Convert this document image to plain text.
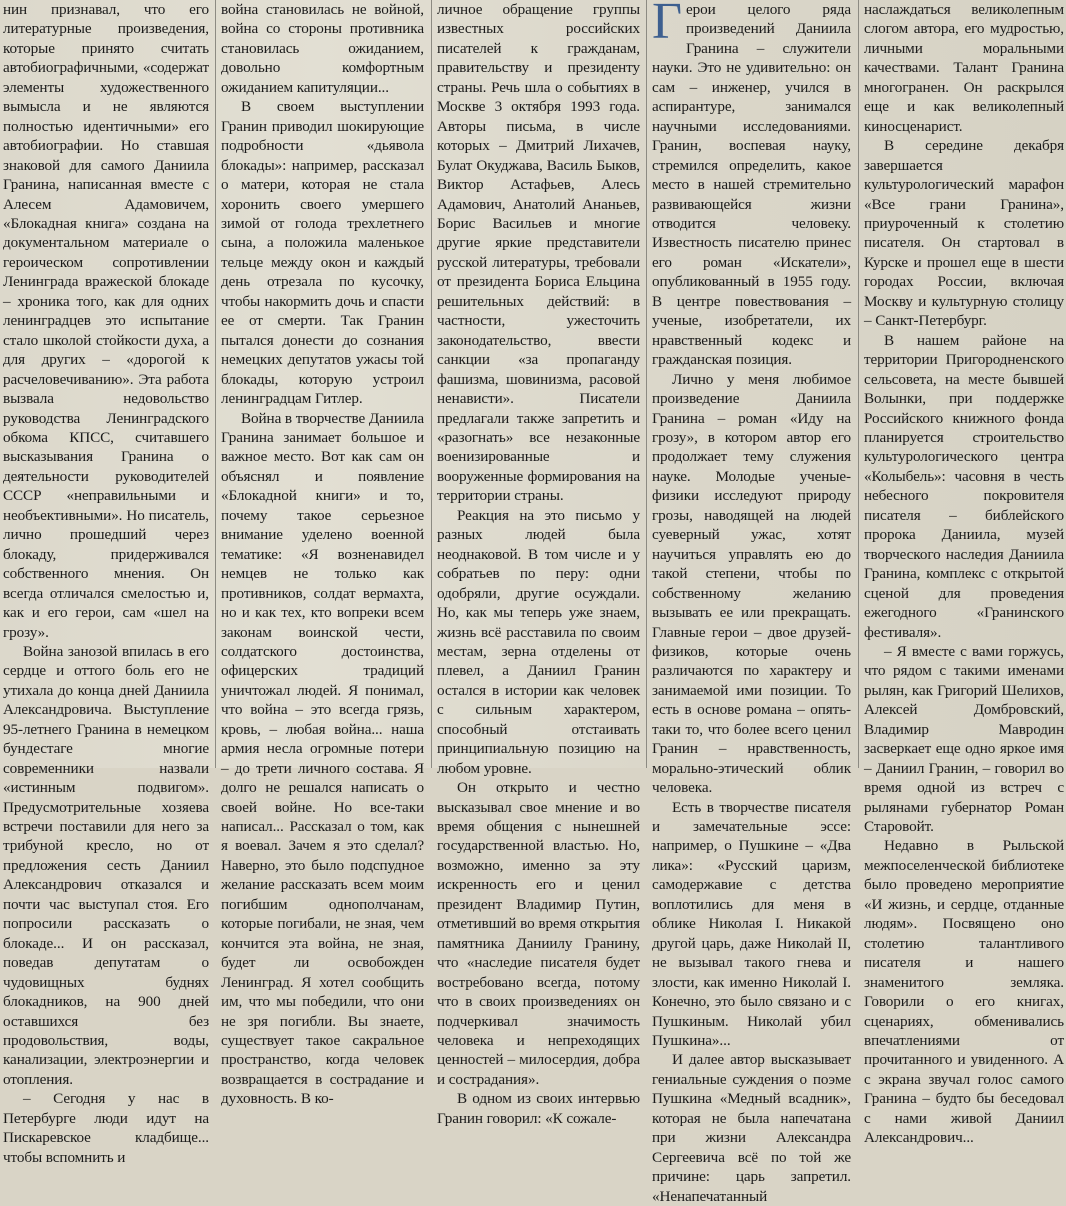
нин признавал, что его литературные произведения, которые принято считать автобиографичными, «содержат элементы художественного вымысла и не являются полностью идентичными» его автобиографии. Но ставшая знаковой для самого Даниила Гранина, написанная вместе с Алесем Адамовичем, «Блокадная книга» создана на документальном материале о героическом сопротивлении Ленинграда вражеской блокаде – хроника того, как для одних ленинградцев это испытание стало школой стойкости духа, а для других – «дорогой к расчеловечиванию». Эта работа вызвала недовольство руководства Ленинградского обкома КПСС, считавшего высказывания Гранина о деятельности руководителей СССР «неправильными и необъективными». Но писатель, лично прошедший через блокаду, придерживался собственного мнения. Он всегда отличался смелостью и, как и его герои, сам «шел на грозу».

Война занозой впилась в его сердце и оттого боль его не утихала до конца дней Даниила Александровича. Выступление 95-летнего Гранина в немецком бундестаге многие современники назвали «истинным подвигом». Предусмотрительные хозяева встречи поставили для него за трибуной кресло, но от предложения сесть Даниил Александрович отказался и почти час выступал стоя. Его попросили рассказать о блокаде... И он рассказал, поведав депутатам о чудовищных буднях блокадников, на 900 дней оставшихся без продовольствия, воды, канализации, электроэнергии и отопления.

– Сегодня у нас в Петербурге люди идут на Пискаревское кладбище... чтобы вспомнить и

война становилась не войной, война со стороны противника становилась ожиданием, довольно комфортным ожиданием капитуляции...

В своем выступлении Гранин приводил шокирующие подробности «дьявола блокады»: например, рассказал о матери, которая не стала хоронить своего умершего зимой от голода трехлетнего сына, а положила маленькое тельце между окон и каждый день отрезала по кусочку, чтобы накормить дочь и спасти ее от смерти. Так Гранин пытался донести до сознания немецких депутатов ужасы той блокады, которую устроил ленинградцам Гитлер.

Война в творчестве Даниила Гранина занимает большое и важное место. Вот как сам он объяснял и появление «Блокадной книги» и то, почему такое серьезное внимание уделено военной тематике: «Я возненавидел немцев не только как противников, солдат вермахта, но и как тех, кто вопреки всем законам воинской чести, солдатского достоинства, офицерских традиций уничтожал людей. Я понимал, что война – это всегда грязь, кровь, – любая война... наша армия несла огромные потери – до трети личного состава. Я долго не решался написать о своей войне. Но все-таки написал... Рассказал о том, как я воевал. Зачем я это сделал? Наверно, это было подспудное желание рассказать всем моим погибшим однополчанам, которые погибали, не зная, чем кончится эта война, не зная, будет ли освобожден Ленинград. Я хотел сообщить им, что мы победили, что они не зря погибли. Вы знаете, существует такое сакральное пространство, когда человек возвращается в сострадание и духовность. В ко-

личное обращение группы известных российских писателей к гражданам, правительству и президенту страны. Речь шла о событиях в Москве 3 октября 1993 года. Авторы письма, в числе которых – Дмитрий Лихачев, Булат Окуджава, Василь Быков, Виктор Астафьев, Алесь Адамович, Анатолий Ананьев, Борис Васильев и многие другие яркие представители русской литературы, требовали от президента Бориса Ельцина решительных действий: в частности, ужесточить законодательство, ввести санкции «за пропаганду фашизма, шовинизма, расовой ненависти». Писатели предлагали также запретить и «разогнать» все незаконные военизированные и вооруженные формирования на территории страны.

Реакция на это письмо у разных людей была неоднаковой. В том числе и у собратьев по перу: одни одобряли, другие осуждали. Но, как мы теперь уже знаем, жизнь всё расставила по своим местам, зерна отделены от плевел, а Даниил Гранин остался в истории как человек с сильным характером, способный отстаивать принципиальную позицию на любом уровне.

Он открыто и честно высказывал свое мнение и во время общения с нынешней государственной властью. Но, возможно, именно за эту искренность его и ценил президент Владимир Путин, отметивший во время открытия памятника Даниилу Гранину, что «наследие писателя будет востребовано всегда, потому что в своих произведениях он подчеркивал значимость человека и непреходящих ценностей – милосердия, добра и сострадания».

В одном из своих интервью Гранин говорил: «К сожале-

Герои целого ряда произведений Даниила Гранина – служители науки. Это не удивительно: он сам – инженер, учился в аспирантуре, занимался научными исследованиями. Гранин, воспевая науку, стремился определить, какое место в нашей стремительно развивающейся жизни отводится человеку. Известность писателю принес его роман «Искатели», опубликованный в 1955 году. В центре повествования – ученые, изобретатели, их нравственный кодекс и гражданская позиция.

Лично у меня любимое произведение Даниила Гранина – роман «Иду на грозу», в котором автор его продолжает тему служения науке. Молодые ученые-физики исследуют природу грозы, наводящей на людей суеверный ужас, хотят научиться управлять ею до такой степени, чтобы по собственному желанию вызывать ее или прекращать. Главные герои – двое друзей-физиков, которые очень различаются по характеру и занимаемой ими позиции. То есть в основе романа – опять-таки то, что более всего ценил Гранин – нравственность, морально-этический облик человека.

Есть в творчестве писателя и замечательные эссе: например, о Пушкине – «Два лика»: «Русский царизм, самодержавие с детства воплотились для меня в облике Николая I. Никакой другой царь, даже Николай II, не вызывал такого гнева и злости, как именно Николай I. Конечно, это было связано и с Пушкиным. Николай убил Пушкина»...

И далее автор высказывает гениальные суждения о поэме Пушкина «Медный всадник», которая не была напечатана при жизни Александра Сергеевича всё по той же причине: царь запретил. «Ненапечатанный

наслаждаться великолепным слогом автора, его мудростью, личными моральными качествами. Талант Гранина многогранен. Он раскрылся еще и как великолепный киносценарист.

В середине декабря завершается культурологический марафон «Все грани Гранина», приуроченный к столетию писателя. Он стартовал в Курске и прошел еще в шести городах России, включая Москву и культурную столицу – Санкт-Петербург.

В нашем районе на территории Пригородненского сельсовета, на месте бывшей Волынки, при поддержке Российского книжного фонда планируется строительство культурологического центра «Колыбель»: часовня в честь небесного покровителя писателя – библейского пророка Даниила, музей творческого наследия Даниила Гранина, комплекс с открытой сценой для проведения ежегодного «Гранинского фестиваля».

– Я вместе с вами горжусь, что рядом с такими именами рылян, как Григорий Шелихов, Алексей Домбровский, Владимир Мавродин засверкает еще одно яркое имя – Даниил Гранин, – говорил во время одной из встреч с рылянами губернатор Роман Старовойт.

Недавно в Рыльской межпоселенческой библиотеке было проведено мероприятие «И жизнь, и сердце, отданные людям». Посвящено оно столетию талантливого писателя и нашего знаменитого земляка. Говорили о его книгах, сценариях, обменивались впечатлениями от прочитанного и увиденного. А с экрана звучал голос самого Гранина – будто бы беседовал с нами живой Даниил Александрович...
